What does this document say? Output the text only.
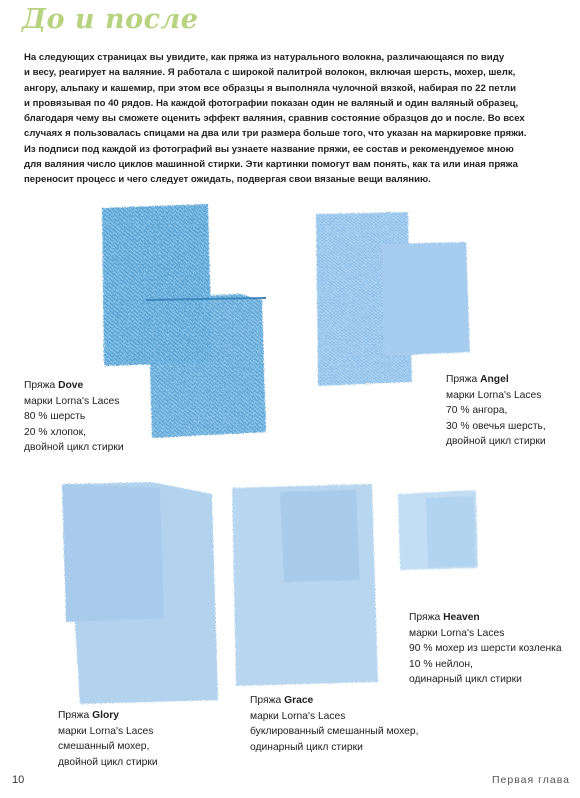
До и после
На следующих страницах вы увидите, как пряжа из натурального волокна, различающаяся по виду
и весу, реагирует на валяние. Я работала с широкой палитрой волокон, включая шерсть, мохер, шелк,
ангору, альпаку и кашемир, при этом все образцы я выполняла чулочной вязкой, набирая по 22 петли
и провязывая по 40 рядов. На каждой фотографии показан один не валяный и один валяный образец,
благодаря чему вы сможете оценить эффект валяния, сравнив состояние образцов до и после. Во всех
случаях я пользовалась спицами на два или три размера больше того, что указан на маркировке пряжи.
Из подписи под каждой из фотографий вы узнаете название пряжи, ее состав и рекомендуемое мною
для валяния число циклов машинной стирки. Эти картинки помогут вам понять, как та или иная пряжа
переносит процесс и чего следует ожидать, подвергая свои вязаные вещи валянию.
Пряжа Dove
марки Lorna's Laces
80 % шерсть
20 % хлопок,
двойной цикл стирки
Пряжа Angel
марки Lorna's Laces
70 % ангора,
30 % овечья шерсть,
двойной цикл стирки
Пряжа Heaven
марки Lorna's Laces
90 % мохер из шерсти козленка
10 % нейлон,
одинарный цикл стирки
Пряжа Glory
марки Lorna's Laces
смешанный мохер,
двойной цикл стирки
Пряжа Grace
марки Lorna's Laces
буклированный смешанный мохер,
одинарный цикл стирки
10	Первая глава
